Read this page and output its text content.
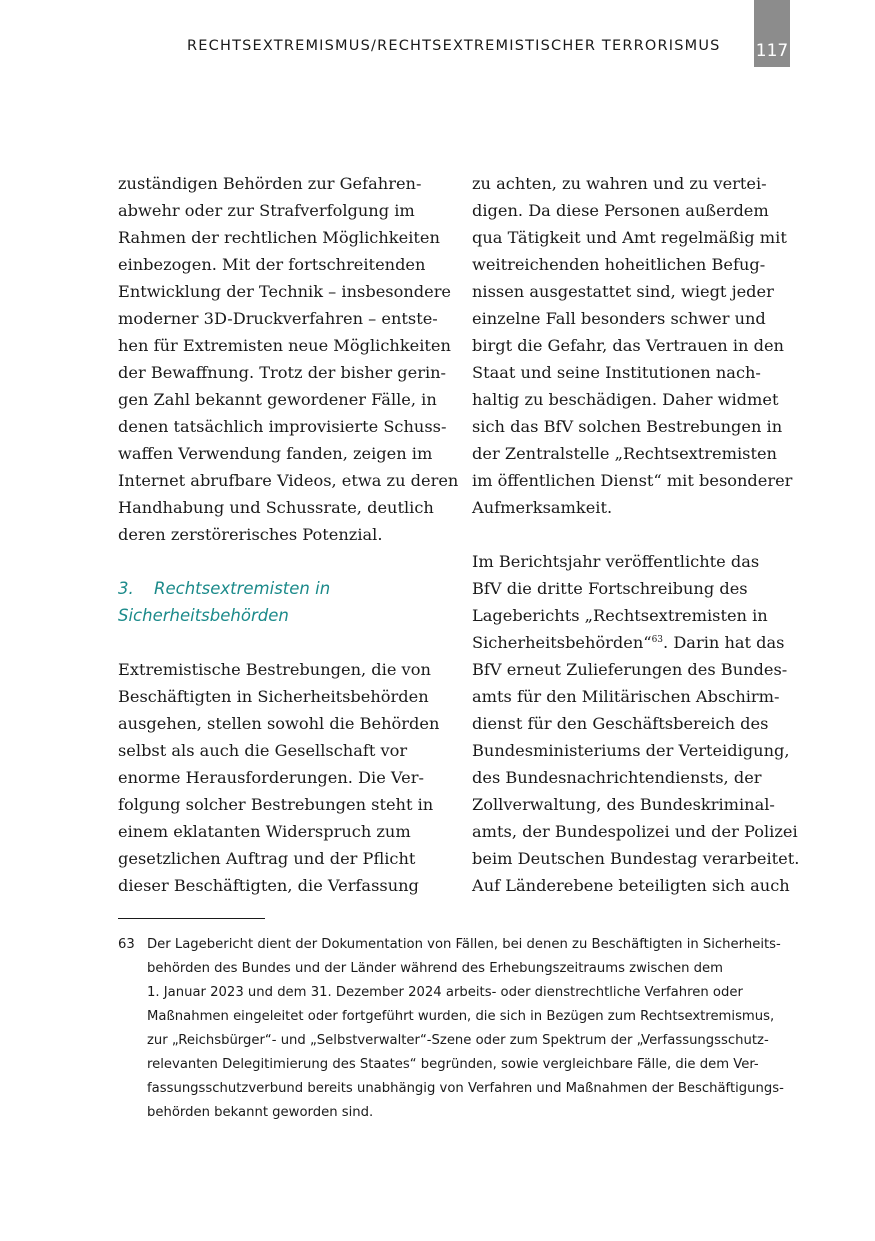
RECHTSEXTREMISMUS/RECHTSEXTREMISTISCHER TERRORISMUS 117
zuständigen Behörden zur Gefahren-
abwehr oder zur Strafverfolgung im
Rahmen der rechtlichen Möglichkeiten
einbezogen. Mit der fortschreitenden
Entwicklung der Technik – insbesondere
moderner 3D-Druckverfahren – entste-
hen für Extremisten neue Möglichkeiten
der Bewaffnung. Trotz der bisher gerin-
gen Zahl bekannt gewordener Fälle, in
denen tatsächlich improvisierte Schuss-
waffen Verwendung fanden, zeigen im
Internet abrufbare Videos, etwa zu deren
Handhabung und Schussrate, deutlich
deren zerstörerisches Potenzial.
3. Rechtsextremisten in
Sicherheitsbehörden
Extremistische Bestrebungen, die von
Beschäftigten in Sicherheitsbehörden
ausgehen, stellen sowohl die Behörden
selbst als auch die Gesellschaft vor
enorme Herausforderungen. Die Ver-
folgung solcher Bestrebungen steht in
einem eklatanten Widerspruch zum
gesetzlichen Auftrag und der Pflicht
dieser Beschäftigten, die Verfassung
zu achten, zu wahren und zu vertei-
digen. Da diese Personen außerdem
qua Tätigkeit und Amt regelmäßig mit
weitreichenden hoheitlichen Befug-
nissen ausgestattet sind, wiegt jeder
einzelne Fall besonders schwer und
birgt die Gefahr, das Vertrauen in den
Staat und seine Institutionen nach-
haltig zu beschädigen. Daher widmet
sich das BfV solchen Bestrebungen in
der Zentralstelle „Rechtsextremisten
im öffentlichen Dienst“ mit besonderer
Aufmerksamkeit.
Im Berichtsjahr veröffentlichte das
BfV die dritte Fortschreibung des
Lageberichts „Rechtsextremisten in
Sicherheitsbehörden“$^{63}$. Darin hat das
BfV erneut Zulieferungen des Bundes-
amts für den Militärischen Abschirm-
dienst für den Geschäftsbereich des
Bundesministeriums der Verteidigung,
des Bundesnachrichtendiensts, der
Zollverwaltung, des Bundeskriminal-
amts, der Bundespolizei und der Polizei
beim Deutschen Bundestag verarbeitet.
Auf Länderebene beteiligten sich auch
63 Der Lagebericht dient der Dokumentation von Fällen, bei denen zu Beschäftigten in Sicherheits-
behörden des Bundes und der Länder während des Erhebungszeitraums zwischen dem
1. Januar 2023 und dem 31. Dezember 2024 arbeits- oder dienstrechtliche Verfahren oder
Maßnahmen eingeleitet oder fortgeführt wurden, die sich in Bezügen zum Rechtsextremismus,
zur „Reichsbürger“- und „Selbstverwalter“-Szene oder zum Spektrum der „Verfassungsschutz-
relevanten Delegitimierung des Staates“ begründen, sowie vergleichbare Fälle, die dem Ver-
fassungsschutzverbund bereits unabhängig von Verfahren und Maßnahmen der Beschäftigungs-
behörden bekannt geworden sind.
